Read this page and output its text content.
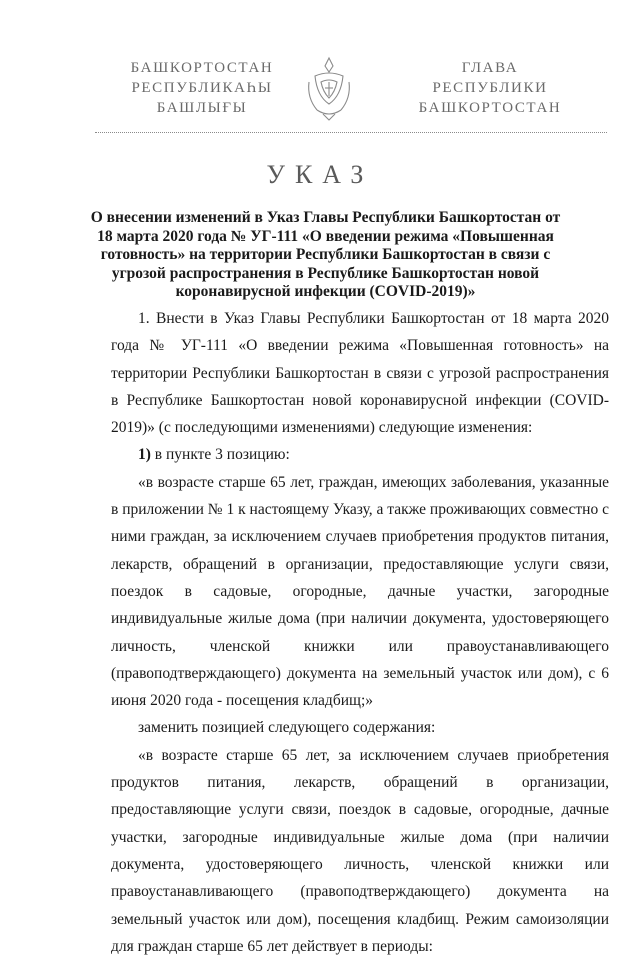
БАШКОРТОСТАН
РЕСПУБЛИКАҺЫ
БАШЛЫҒЫ
ГЛАВА
РЕСПУБЛИКИ
БАШКОРТОСТАН
УКАЗ
О внесении изменений в Указ Главы Республики Башкортостан от 18 марта 2020 года № УГ-111 «О введении режима «Повышенная готовность» на территории Республики Башкортостан в связи с угрозой распространения в Республике Башкортостан новой коронавирусной инфекции (COVID-2019)»

1. Внести в Указ Главы Республики Башкортостан от 18 марта 2020 года № УГ-111 «О введении режима «Повышенная готовность» на территории Республики Башкортостан в связи с угрозой распространения в Республике Башкортостан новой коронавирусной инфекции (COVID-2019)» (с последующими изменениями) следующие изменения:

1) в пункте 3 позицию:

«в возрасте старше 65 лет, граждан, имеющих заболевания, указанные в приложении № 1 к настоящему Указу, а также проживающих совместно с ними граждан, за исключением случаев приобретения продуктов питания, лекарств, обращений в организации, предоставляющие услуги связи, поездок в садовые, огородные, дачные участки, загородные индивидуальные жилые дома (при наличии документа, удостоверяющего личность, членской книжки или правоустанавливающего (правоподтверждающего) документа на земельный участок или дом), с 6 июня 2020 года - посещения кладбищ;»

заменить позицией следующего содержания:

«в возрасте старше 65 лет, за исключением случаев приобретения продуктов питания, лекарств, обращений в организации, предоставляющие услуги связи, поездок в садовые, огородные, дачные участки, загородные индивидуальные жилые дома (при наличии документа, удостоверяющего личность, членской книжки или правоустанавливающего (правоподтверждающего) документа на земельный участок или дом), посещения кладбищ. Режим самоизоляции для граждан старше 65 лет действует в периоды:
